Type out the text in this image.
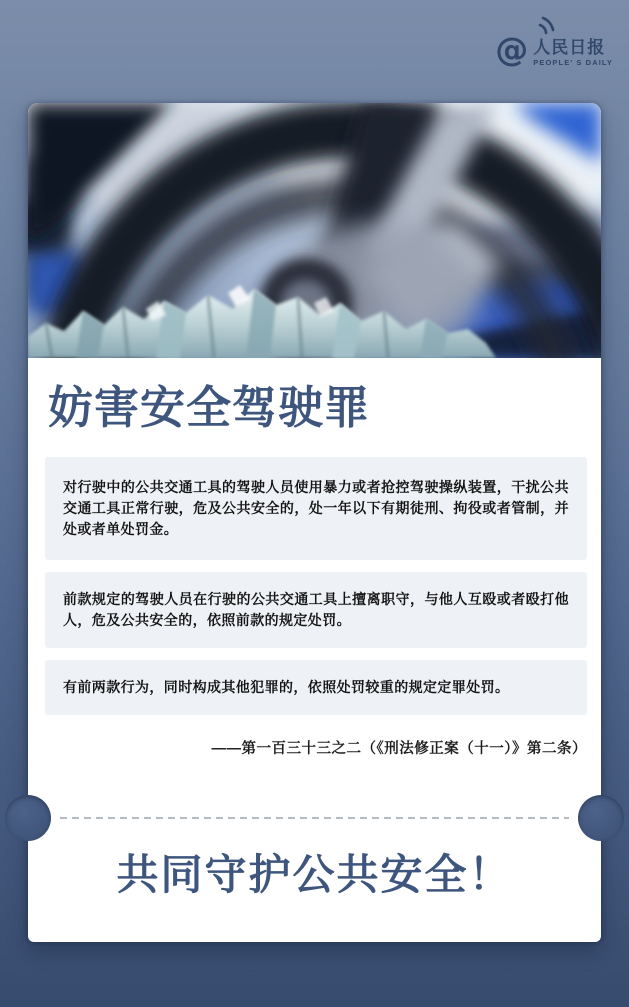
@ 人民日报
PEOPLE' S DAILY
妨害安全驾驶罪
对行驶中的公共交通工具的驾驶人员使用暴力或者抢控驾驶操纵装置，干扰公共交通工具正常行驶，危及公共安全的，处一年以下有期徒刑、拘役或者管制，并处或者单处罚金。
前款规定的驾驶人员在行驶的公共交通工具上擅离职守，与他人互殴或者殴打他人，危及公共安全的，依照前款的规定处罚。
有前两款行为，同时构成其他犯罪的，依照处罚较重的规定定罪处罚。
——第一百三十三之二（《刑法修正案（十一）》第二条）
共同守护公共安全！
